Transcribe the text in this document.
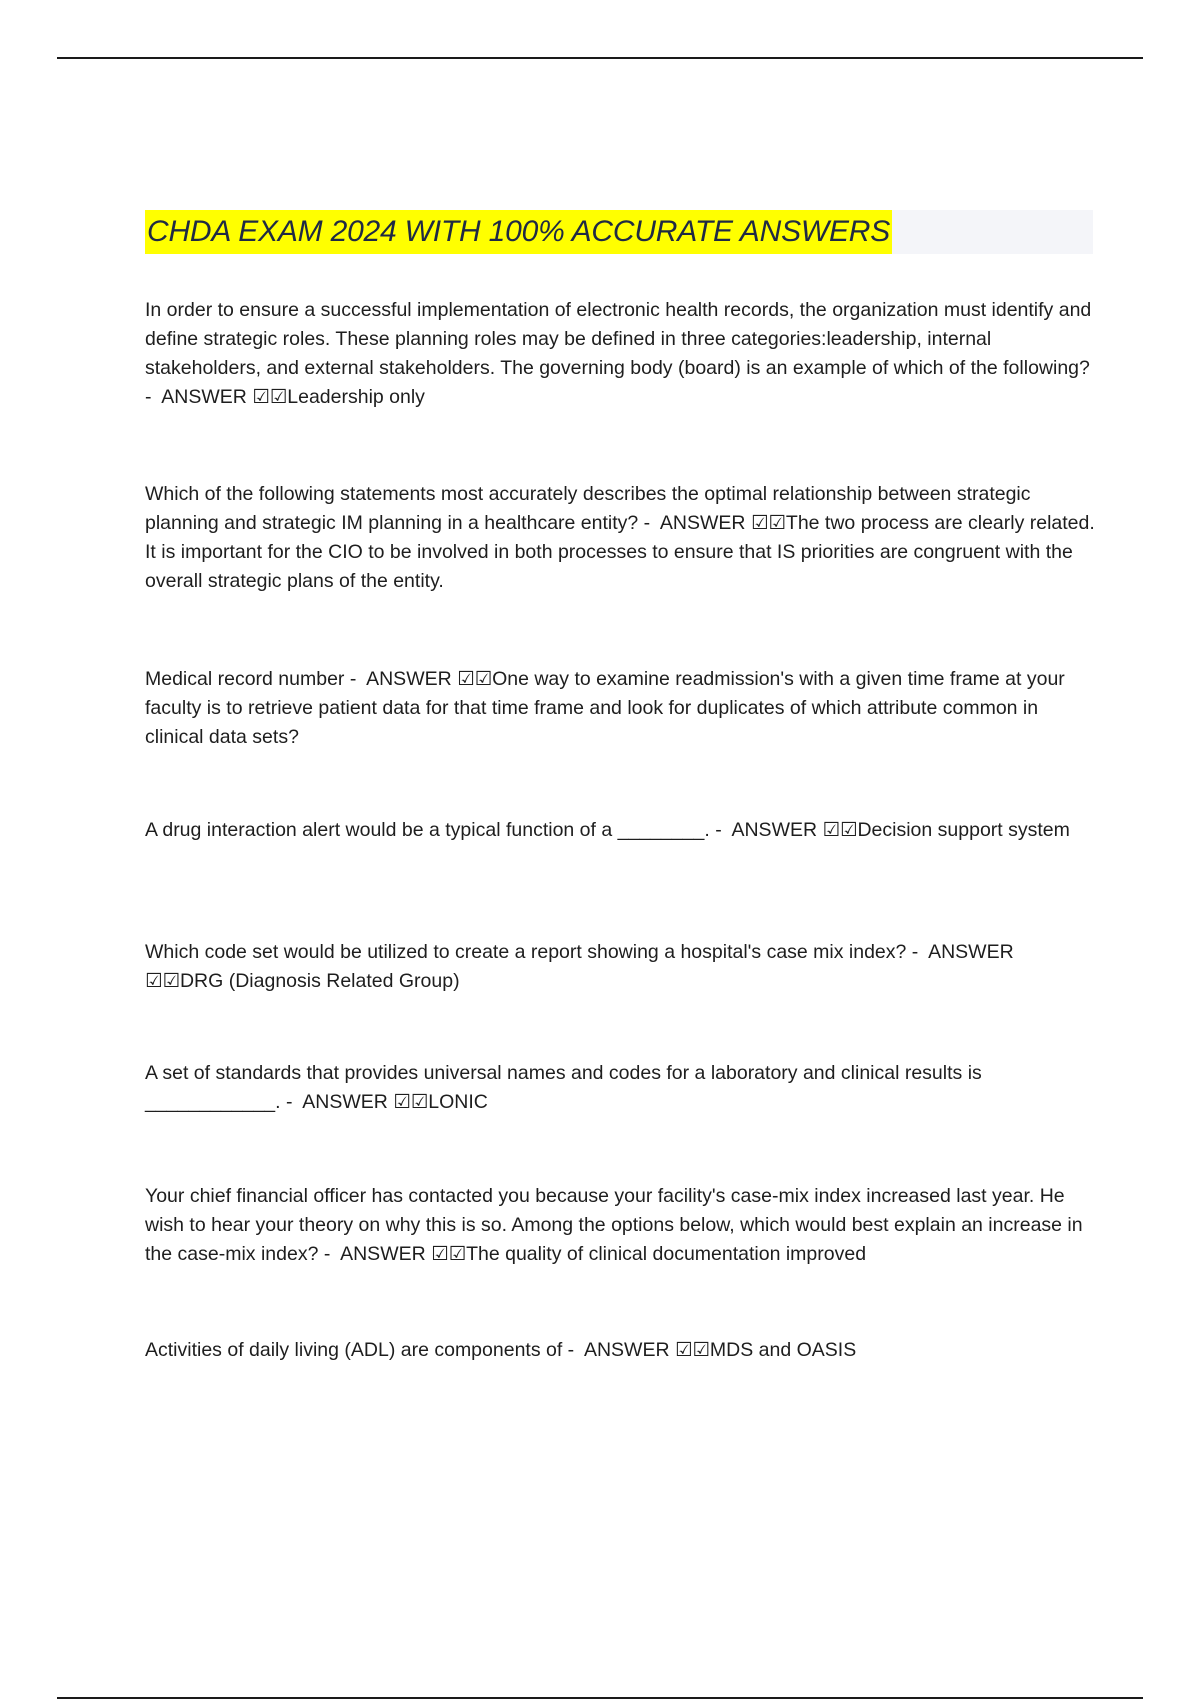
CHDA EXAM 2024 WITH 100% ACCURATE ANSWERS

In order to ensure a successful implementation of electronic health records, the organization must identify and define strategic roles. These planning roles may be defined in three categories:leadership, internal stakeholders, and external stakeholders. The governing body (board) is an example of which of the following? -  ANSWER ☑☑Leadership only

Which of the following statements most accurately describes the optimal relationship between strategic planning and strategic IM planning in a healthcare entity? -  ANSWER ☑☑The two process are clearly related. It is important for the CIO to be involved in both processes to ensure that IS priorities are congruent with the overall strategic plans of the entity.

Medical record number -  ANSWER ☑☑One way to examine readmission's with a given time frame at your faculty is to retrieve patient data for that time frame and look for duplicates of which attribute common in clinical data sets?

A drug interaction alert would be a typical function of a ________. -  ANSWER ☑☑Decision support system

Which code set would be utilized to create a report showing a hospital's case mix index? -  ANSWER ☑☑DRG (Diagnosis Related Group)

A set of standards that provides universal names and codes for a laboratory and clinical results is ____________. -  ANSWER ☑☑LONIC

Your chief financial officer has contacted you because your facility's case-mix index increased last year. He wish to hear your theory on why this is so. Among the options below, which would best explain an increase in the case-mix index? -  ANSWER ☑☑The quality of clinical documentation improved

Activities of daily living (ADL) are components of -  ANSWER ☑☑MDS and OASIS
